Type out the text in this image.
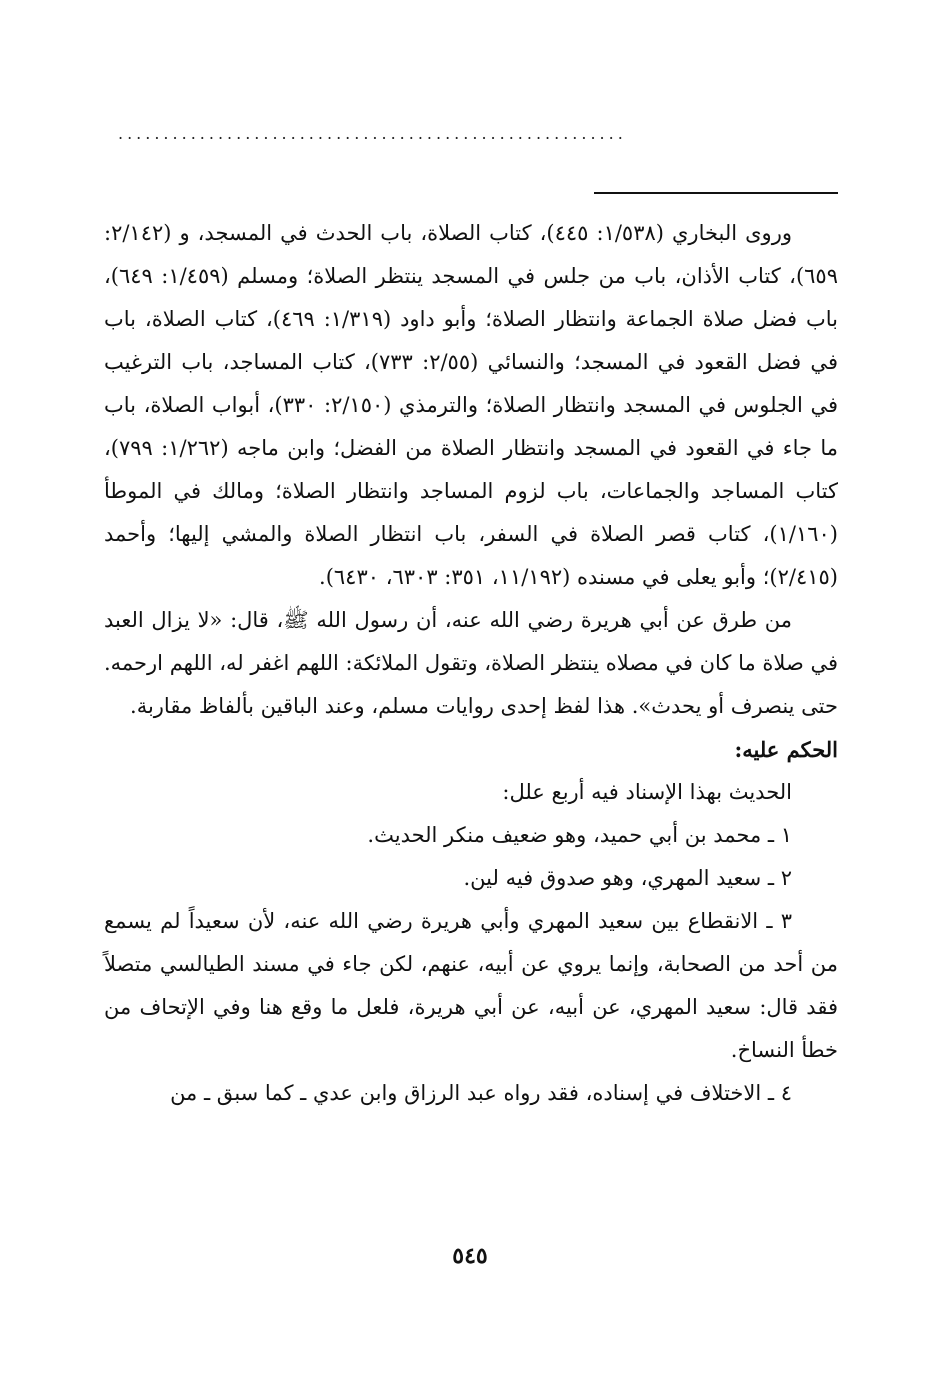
........................................................

وروى البخاري (١/٥٣٨: ٤٤٥)، كتاب الصلاة، باب الحدث في المسجد، و (٢/١٤٢: ٦٥٩)، كتاب الأذان، باب من جلس في المسجد ينتظر الصلاة؛ ومسلم (١/٤٥٩: ٦٤٩)، باب فضل صلاة الجماعة وانتظار الصلاة؛ وأبو داود (١/٣١٩: ٤٦٩)، كتاب الصلاة، باب في فضل القعود في المسجد؛ والنسائي (٢/٥٥: ٧٣٣)، كتاب المساجد، باب الترغيب في الجلوس في المسجد وانتظار الصلاة؛ والترمذي (٢/١٥٠: ٣٣٠)، أبواب الصلاة، باب ما جاء في القعود في المسجد وانتظار الصلاة من الفضل؛ وابن ماجه (١/٢٦٢: ٧٩٩)، كتاب المساجد والجماعات، باب لزوم المساجد وانتظار الصلاة؛ ومالك في الموطأ (١/١٦٠)، كتاب قصر الصلاة في السفر، باب انتظار الصلاة والمشي إليها؛ وأحمد (٢/٤١٥)؛ وأبو يعلى في مسنده (١١/١٩٢، ٣٥١: ٦٣٠٣، ٦٤٣٠).

من طرق عن أبي هريرة رضي الله عنه، أن رسول الله ﷺ، قال: «لا يزال العبد في صلاة ما كان في مصلاه ينتظر الصلاة، وتقول الملائكة: اللهم اغفر له، اللهم ارحمه. حتى ينصرف أو يحدث». هذا لفظ إحدى روايات مسلم، وعند الباقين بألفاظ مقاربة.

الحكم عليه:

الحديث بهذا الإسناد فيه أربع علل:

١ ـ محمد بن أبي حميد، وهو ضعيف منكر الحديث.

٢ ـ سعيد المهري، وهو صدوق فيه لين.

٣ ـ الانقطاع بين سعيد المهري وأبي هريرة رضي الله عنه، لأن سعيداً لم يسمع من أحد من الصحابة، وإنما يروي عن أبيه، عنهم، لكن جاء في مسند الطيالسي متصلاً فقد قال: سعيد المهري، عن أبيه، عن أبي هريرة، فلعل ما وقع هنا وفي الإتحاف من خطأ النساخ.

٤ ـ الاختلاف في إسناده، فقد رواه عبد الرزاق وابن عدي ـ كما سبق ـ من

٥٤٥
